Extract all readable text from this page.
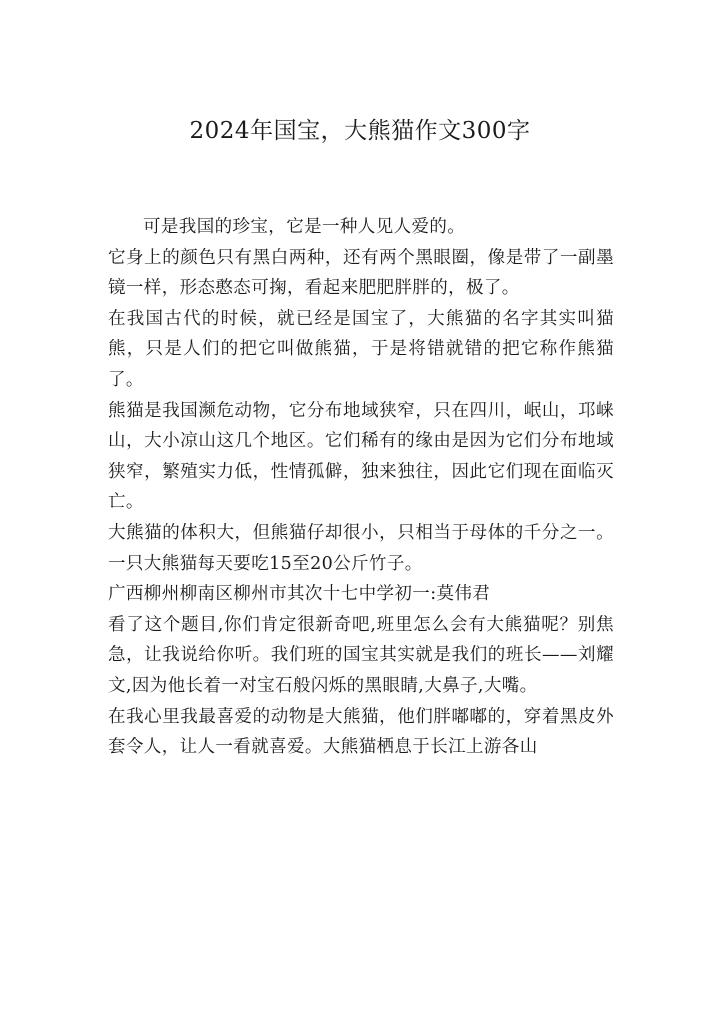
2024年国宝，大熊猫作文300字

可是我国的珍宝，它是一种人见人爱的。

它身上的颜色只有黑白两种，还有两个黑眼圈，像是带了一副墨镜一样，形态憨态可掬，看起来肥肥胖胖的，极了。

在我国古代的时候，就已经是国宝了，大熊猫的名字其实叫猫熊，只是人们的把它叫做熊猫，于是将错就错的把它称作熊猫了。

熊猫是我国濒危动物，它分布地域狭窄，只在四川，岷山，邛崃山，大小凉山这几个地区。它们稀有的缘由是因为它们分布地域狭窄，繁殖实力低，性情孤僻，独来独往，因此它们现在面临灭亡。

大熊猫的体积大，但熊猫仔却很小，只相当于母体的千分之一。一只大熊猫每天要吃15至20公斤竹子。

广西柳州柳南区柳州市其次十七中学初一:莫伟君

看了这个题目,你们肯定很新奇吧,班里怎么会有大熊猫呢？别焦急，让我说给你听。我们班的国宝其实就是我们的班长——刘耀文,因为他长着一对宝石般闪烁的黑眼睛,大鼻子,大嘴。

在我心里我最喜爱的动物是大熊猫，他们胖嘟嘟的，穿着黑皮外套令人，让人一看就喜爱。大熊猫栖息于长江上游各山
